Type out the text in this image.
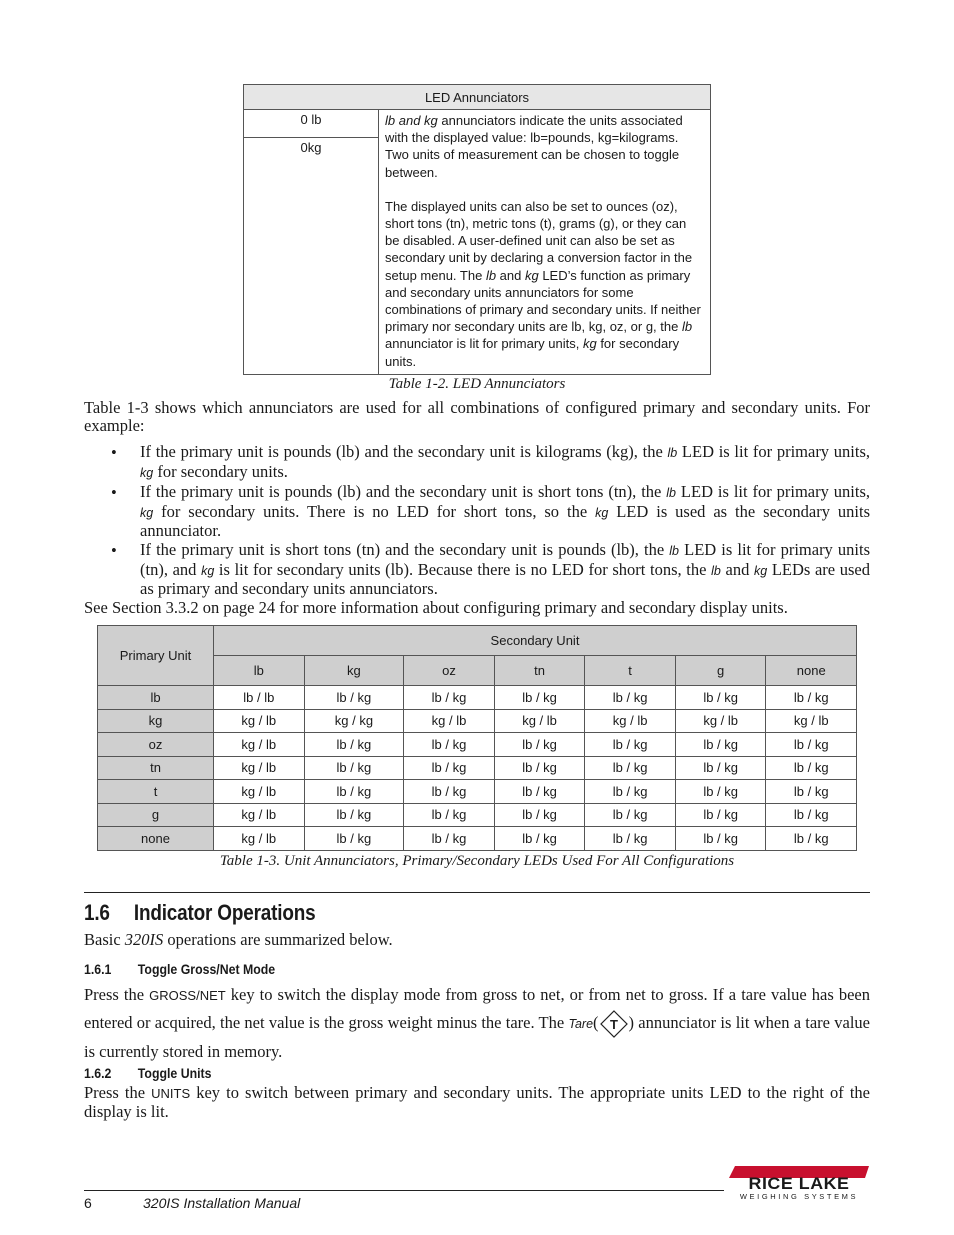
LED Annunciators
0 lb	lb and kg annunciators indicate the units associated with the displayed value: lb=pounds, kg=kilograms. Two units of measurement can be chosen to toggle between.
The displayed units can also be set to ounces (oz), short tons (tn), metric tons (t), grams (g), or they can be disabled. A user-defined unit can also be set as secondary unit by declaring a conversion factor in the setup menu. The lb and kg LED’s function as primary and secondary units annunciators for some combinations of primary and secondary units. If neither primary nor secondary units are lb, kg, oz, or g, the lb annunciator is lit for primary units, kg for secondary units.

0kg
Table 1-2. LED Annunciators
Table 1-3 shows which annunciators are used for all combinations of configured primary and secondary units. For example:
• If the primary unit is pounds (lb) and the secondary unit is kilograms (kg), the lb LED is lit for primary units, kg for secondary units.
• If the primary unit is pounds (lb) and the secondary unit is short tons (tn), the lb LED is lit for primary units, kg for secondary units. There is no LED for short tons, so the kg LED is used as the secondary units annunciator.
• If the primary unit is short tons (tn) and the secondary unit is pounds (lb), the lb LED is lit for primary units (tn), and kg is lit for secondary units (lb). Because there is no LED for short tons, the lb and kg LEDs are used as primary and secondary units annunciators.
See Section 3.3.2 on page 24 for more information about configuring primary and secondary display units.
Primary Unit	Secondary Unit						
	lb	kg	oz	tn	t	g	none
lb	lb / lb	lb / kg	lb / kg	lb / kg	lb / kg	lb / kg	lb / kg
kg	kg / lb	kg / kg	kg / lb	kg / lb	kg / lb	kg / lb	kg / lb
oz	kg / lb	lb / kg	lb / kg	lb / kg	lb / kg	lb / kg	lb / kg
tn	kg / lb	lb / kg	lb / kg	lb / kg	lb / kg	lb / kg	lb / kg
t	kg / lb	lb / kg	lb / kg	lb / kg	lb / kg	lb / kg	lb / kg
g	kg / lb	lb / kg	lb / kg	lb / kg	lb / kg	lb / kg	lb / kg
none	kg / lb	lb / kg	lb / kg	lb / kg	lb / kg	lb / kg	lb / kg
Table 1-3. Unit Annunciators, Primary/Secondary LEDs Used For All Configurations
1.6 Indicator Operations
Basic 320IS operations are summarized below.
1.6.1 Toggle Gross/Net Mode
Press the GROSS/NET key to switch the display mode from gross to net, or from net to gross. If a tare value has been entered or acquired, the net value is the gross weight minus the tare. The Tare( T ) annunciator is lit when a tare value is currently stored in memory.
1.6.2 Toggle Units
Press the UNITS key to switch between primary and secondary units. The appropriate units LED to the right of the display is lit.
6	320IS Installation Manual
RICE LAKE
WEIGHING SYSTEMS
